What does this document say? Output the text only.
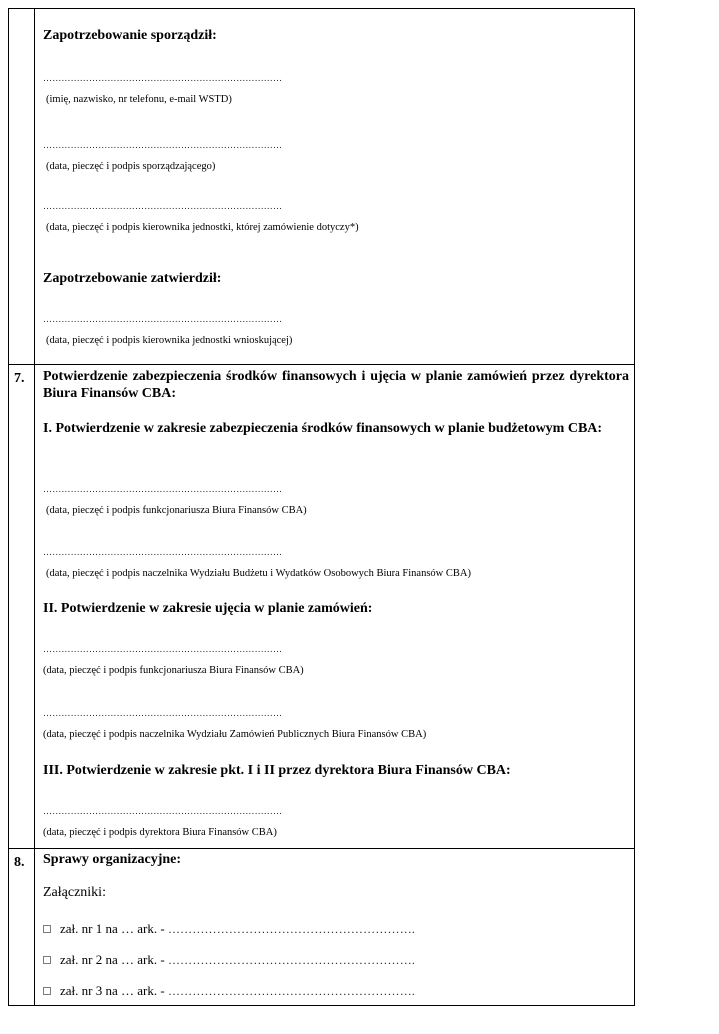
Zapotrzebowanie sporządził:
……………………………………………………………………
(imię, nazwisko, nr telefonu, e-mail WSTD)
……………………………………………………………………
(data, pieczęć i podpis sporządzającego)
……………………………………………………………………
(data, pieczęć i podpis kierownika jednostki, której zamówienie dotyczy*)
Zapotrzebowanie zatwierdził:
……………………………………………………………………
(data, pieczęć i podpis kierownika jednostki wnioskującej)
7. Potwierdzenie zabezpieczenia środków finansowych i ujęcia w planie zamówień przez dyrektora Biura Finansów CBA:
I. Potwierdzenie w zakresie zabezpieczenia środków finansowych w planie budżetowym CBA:
……………………………………………………………………
(data, pieczęć i podpis funkcjonariusza Biura Finansów CBA)
……………………………………………………………………
(data, pieczęć i podpis naczelnika Wydziału Budżetu i Wydatków Osobowych Biura Finansów CBA)
II. Potwierdzenie w zakresie ujęcia w planie zamówień:
……………………………………………………………………
(data, pieczęć i podpis funkcjonariusza Biura Finansów CBA)
……………………………………………………………………
(data, pieczęć i podpis naczelnika Wydziału Zamówień Publicznych Biura Finansów CBA)
III. Potwierdzenie w zakresie pkt. I i II przez dyrektora Biura Finansów CBA:
……………………………………………………………………
(data, pieczęć i podpis dyrektora Biura Finansów CBA)
8. Sprawy organizacyjne:
Załączniki:
zał. nr 1 na … ark. - …………………………………………………….
zał. nr 2 na … ark. - …………………………………………………….
zał. nr 3 na … ark. - …………………………………………………….
